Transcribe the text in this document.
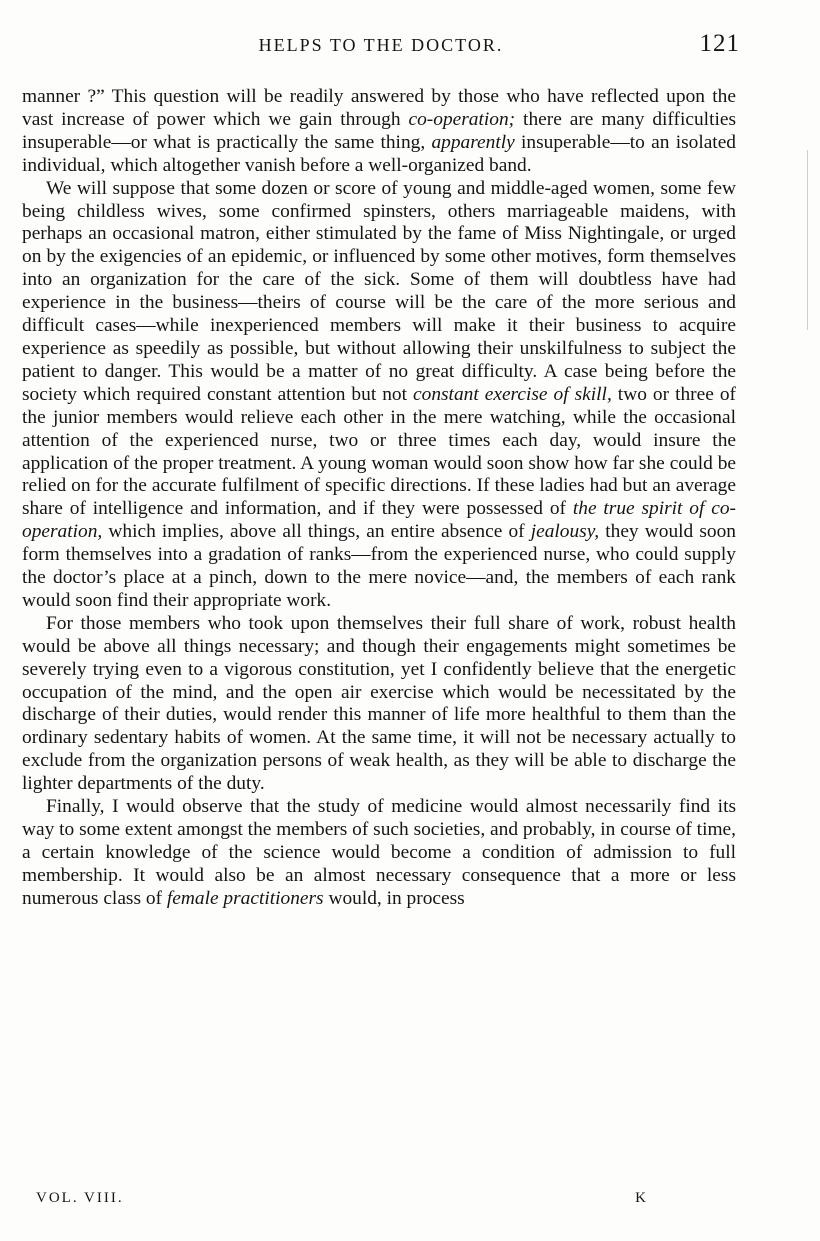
HELPS TO THE DOCTOR.	121

manner ?” This question will be readily answered by those who have reflected upon the vast increase of power which we gain through co-operation; there are many difficulties insuperable—or what is practically the same thing, apparently insuperable—to an isolated individual, which altogether vanish before a well-organized band.

We will suppose that some dozen or score of young and middle-aged women, some few being childless wives, some confirmed spinsters, others marriageable maidens, with perhaps an occasional matron, either stimulated by the fame of Miss Nightingale, or urged on by the exigencies of an epidemic, or influenced by some other motives, form themselves into an organization for the care of the sick. Some of them will doubtless have had experience in the business—theirs of course will be the care of the more serious and difficult cases—while inexperienced members will make it their business to acquire experience as speedily as possible, but without allowing their unskilfulness to subject the patient to danger. This would be a matter of no great difficulty. A case being before the society which required constant attention but not constant exercise of skill, two or three of the junior members would relieve each other in the mere watching, while the occasional attention of the experienced nurse, two or three times each day, would insure the application of the proper treatment. A young woman would soon show how far she could be relied on for the accurate fulfilment of specific directions. If these ladies had but an average share of intelligence and information, and if they were possessed of the true spirit of co-operation, which implies, above all things, an entire absence of jealousy, they would soon form themselves into a gradation of ranks—from the experienced nurse, who could supply the doctor’s place at a pinch, down to the mere novice—and, the members of each rank would soon find their appropriate work.

For those members who took upon themselves their full share of work, robust health would be above all things necessary; and though their engagements might sometimes be severely trying even to a vigorous constitution, yet I confidently believe that the energetic occupation of the mind, and the open air exercise which would be necessitated by the discharge of their duties, would render this manner of life more healthful to them than the ordinary sedentary habits of women. At the same time, it will not be necessary actually to exclude from the organization persons of weak health, as they will be able to discharge the lighter departments of the duty.

Finally, I would observe that the study of medicine would almost necessarily find its way to some extent amongst the members of such societies, and probably, in course of time, a certain knowledge of the science would become a condition of admission to full membership. It would also be an almost necessary consequence that a more or less numerous class of female practitioners would, in process

VOL. VIII.	K
